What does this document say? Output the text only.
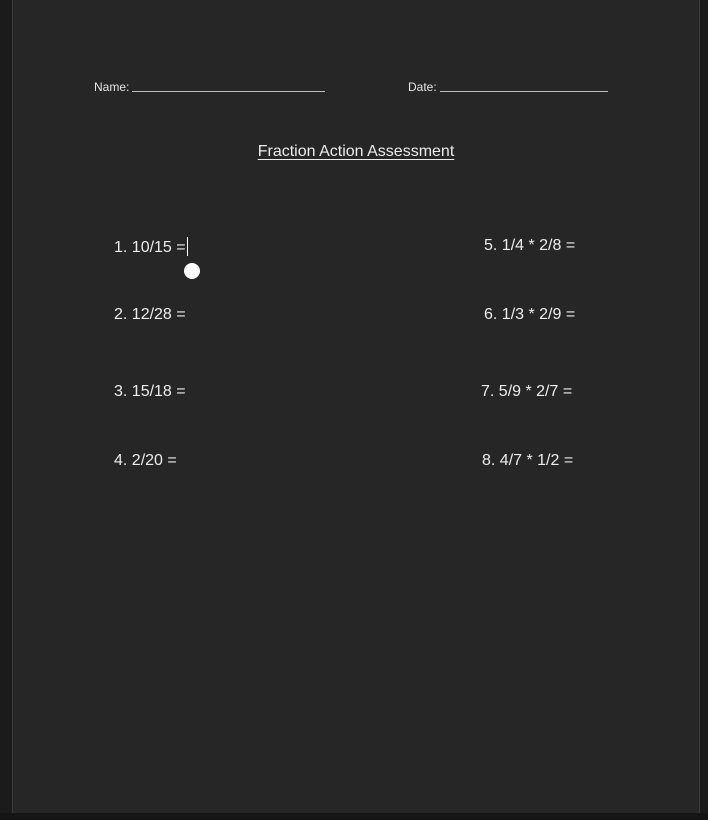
Name:	Date:
Fraction Action Assessment
1. 10/15 =
2. 12/28 =
3. 15/18 =
4. 2/20 =
5. 1/4 * 2/8 =
6. 1/3 * 2/9 =
7. 5/9 * 2/7 =
8. 4/7 * 1/2 =
